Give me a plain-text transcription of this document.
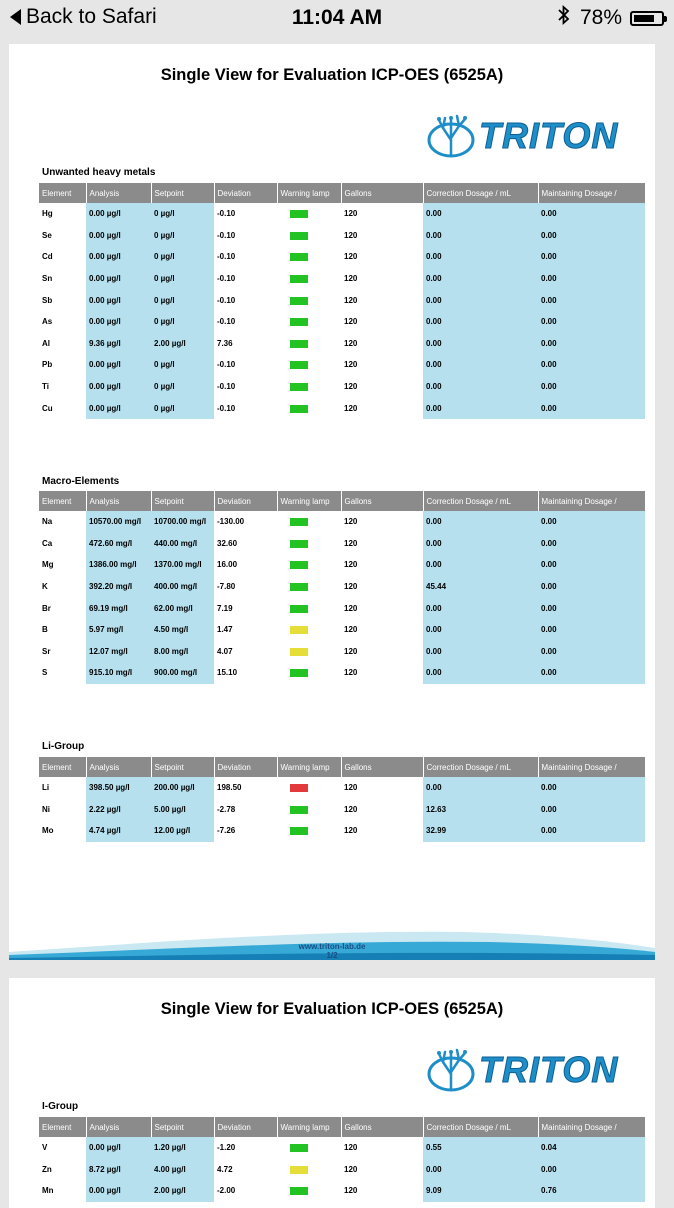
Back to Safari	11:04 AM	78%
Single View for Evaluation ICP-OES (6525A)
TRITON
Unwanted heavy metals
Element	Analysis	Setpoint	Deviation	Warning lamp	Gallons	Correction Dosage / mL	Maintaining Dosage /
Hg	0.00 µg/l	0 µg/l	-0.10		120	0.00	0.00
Se	0.00 µg/l	0 µg/l	-0.10		120	0.00	0.00
Cd	0.00 µg/l	0 µg/l	-0.10		120	0.00	0.00
Sn	0.00 µg/l	0 µg/l	-0.10		120	0.00	0.00
Sb	0.00 µg/l	0 µg/l	-0.10		120	0.00	0.00
As	0.00 µg/l	0 µg/l	-0.10		120	0.00	0.00
Al	9.36 µg/l	2.00 µg/l	7.36		120	0.00	0.00
Pb	0.00 µg/l	0 µg/l	-0.10		120	0.00	0.00
Ti	0.00 µg/l	0 µg/l	-0.10		120	0.00	0.00
Cu	0.00 µg/l	0 µg/l	-0.10		120	0.00	0.00
Macro-Elements
Element	Analysis	Setpoint	Deviation	Warning lamp	Gallons	Correction Dosage / mL	Maintaining Dosage /
Na	10570.00 mg/l	10700.00 mg/l	-130.00		120	0.00	0.00
Ca	472.60 mg/l	440.00 mg/l	32.60		120	0.00	0.00
Mg	1386.00 mg/l	1370.00 mg/l	16.00		120	0.00	0.00
K	392.20 mg/l	400.00 mg/l	-7.80		120	45.44	0.00
Br	69.19 mg/l	62.00 mg/l	7.19		120	0.00	0.00
B	5.97 mg/l	4.50 mg/l	1.47		120	0.00	0.00
Sr	12.07 mg/l	8.00 mg/l	4.07		120	0.00	0.00
S	915.10 mg/l	900.00 mg/l	15.10		120	0.00	0.00
Li-Group
Element	Analysis	Setpoint	Deviation	Warning lamp	Gallons	Correction Dosage / mL	Maintaining Dosage /
Li	398.50 µg/l	200.00 µg/l	198.50		120	0.00	0.00
Ni	2.22 µg/l	5.00 µg/l	-2.78		120	12.63	0.00
Mo	4.74 µg/l	12.00 µg/l	-7.26		120	32.99	0.00
www.triton-lab.de
1/2
Single View for Evaluation ICP-OES (6525A)
TRITON
I-Group
Element	Analysis	Setpoint	Deviation	Warning lamp	Gallons	Correction Dosage / mL	Maintaining Dosage /
V	0.00 µg/l	1.20 µg/l	-1.20		120	0.55	0.04
Zn	8.72 µg/l	4.00 µg/l	4.72		120	0.00	0.00
Mn	0.00 µg/l	2.00 µg/l	-2.00		120	9.09	0.76
